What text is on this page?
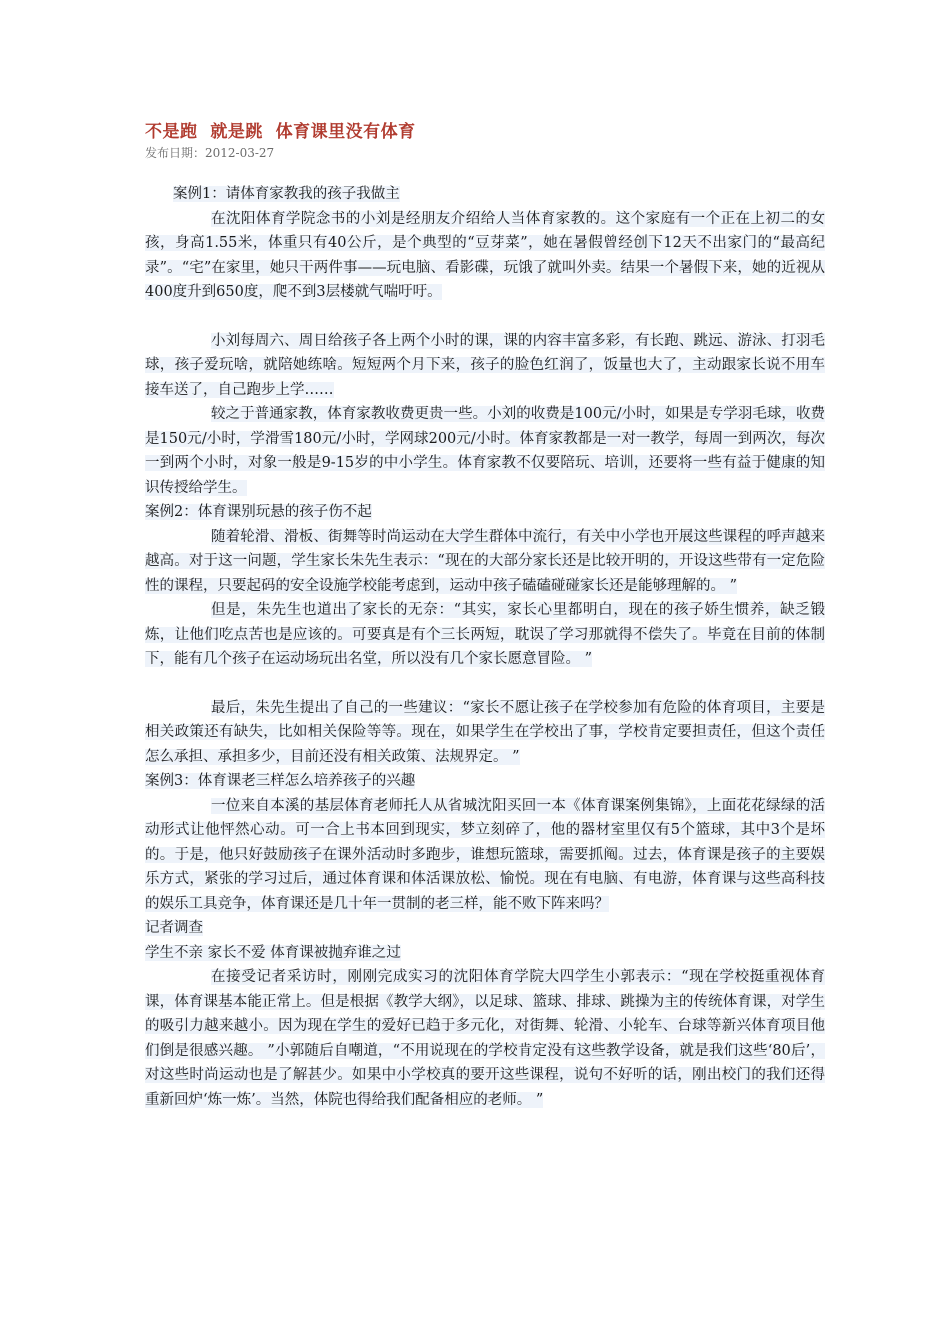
不是跑  就是跳  体育课里没有体育

发布日期：2012-03-27

案例1：请体育家教我的孩子我做主

在沈阳体育学院念书的小刘是经朋友介绍给人当体育家教的。这个家庭有一个正在上初二的女孩，身高1.55米，体重只有40公斤，是个典型的“豆芽菜”，她在暑假曾经创下12天不出家门的“最高纪录”。“宅”在家里，她只干两件事——玩电脑、看影碟，玩饿了就叫外卖。结果一个暑假下来，她的近视从400度升到650度，爬不到3层楼就气喘吁吁。

小刘每周六、周日给孩子各上两个小时的课，课的内容丰富多彩，有长跑、跳远、游泳、打羽毛球，孩子爱玩啥，就陪她练啥。短短两个月下来，孩子的脸色红润了，饭量也大了，主动跟家长说不用车接车送了，自己跑步上学……

较之于普通家教，体育家教收费更贵一些。小刘的收费是100元/小时，如果是专学羽毛球，收费是150元/小时，学滑雪180元/小时，学网球200元/小时。体育家教都是一对一教学，每周一到两次，每次一到两个小时，对象一般是9-15岁的中小学生。体育家教不仅要陪玩、培训，还要将一些有益于健康的知识传授给学生。

案例2：体育课别玩悬的孩子伤不起

随着轮滑、滑板、街舞等时尚运动在大学生群体中流行，有关中小学也开展这些课程的呼声越来越高。对于这一问题，学生家长朱先生表示：“现在的大部分家长还是比较开明的，开设这些带有一定危险性的课程，只要起码的安全设施学校能考虑到，运动中孩子磕磕碰碰家长还是能够理解的。 ”

但是，朱先生也道出了家长的无奈：“其实，家长心里都明白，现在的孩子娇生惯养，缺乏锻炼，让他们吃点苦也是应该的。可要真是有个三长两短，耽误了学习那就得不偿失了。毕竟在目前的体制下，能有几个孩子在运动场玩出名堂，所以没有几个家长愿意冒险。 ”

最后，朱先生提出了自己的一些建议：“家长不愿让孩子在学校参加有危险的体育项目，主要是相关政策还有缺失，比如相关保险等等。现在，如果学生在学校出了事，学校肯定要担责任，但这个责任怎么承担、承担多少，目前还没有相关政策、法规界定。 ”

案例3：体育课老三样怎么培养孩子的兴趣

一位来自本溪的基层体育老师托人从省城沈阳买回一本《体育课案例集锦》，上面花花绿绿的活动形式让他怦然心动。可一合上书本回到现实，梦立刻碎了，他的器材室里仅有5个篮球，其中3个是坏的。于是，他只好鼓励孩子在课外活动时多跑步，谁想玩篮球，需要抓阄。过去，体育课是孩子的主要娱乐方式，紧张的学习过后，通过体育课和体活课放松、愉悦。现在有电脑、有电游，体育课与这些高科技的娱乐工具竞争，体育课还是几十年一贯制的老三样，能不败下阵来吗？

记者调查

学生不亲 家长不爱 体育课被抛弃谁之过

在接受记者采访时，刚刚完成实习的沈阳体育学院大四学生小郭表示：“现在学校挺重视体育课，体育课基本能正常上。但是根据《教学大纲》，以足球、篮球、排球、跳操为主的传统体育课，对学生的吸引力越来越小。因为现在学生的爱好已趋于多元化，对街舞、轮滑、小轮车、台球等新兴体育项目他们倒是很感兴趣。 ”小郭随后自嘲道，“不用说现在的学校肯定没有这些教学设备，就是我们这些‘80后’，对这些时尚运动也是了解甚少。如果中小学校真的要开这些课程，说句不好听的话，刚出校门的我们还得重新回炉‘炼一炼’。当然，体院也得给我们配备相应的老师。 ”
